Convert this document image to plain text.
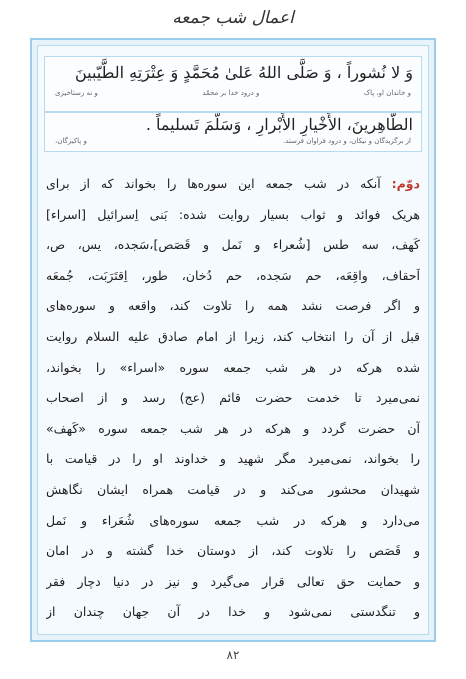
اعمال شب جمعه
وَ لا نُشوراً ، وَ صَلَّى اللهُ عَلىٰ مُحَمَّدٍ وَ عِتْرَتِهِ الطَّيّبينَ
و نه رستاخيزى	و درود خدا بر محمّد	و خاندان او، پاک
الطّاهِرينَ، الأَخْيارِ الأَبْرارِ ، وَسَلَّمَ تَسليماً .
و پاكيزگان،	از برگزيدگان و نيكان، و درود فراوان فرستد.
دوّم: آنكه در شب جمعه اين سوره‌ها را بخواند كه از براى
هريک فوائد و ثواب بسيار روايت شده: بَنى اِسرائيل [اسراء]
كَهف، سه طس [شُعراء و نَمل و قَصَص]،سَجده، يس، ص،
اَحقاف، واقِعَه، حم سَجده، حم دُخان، طور، اِقتَرَبَت، جُمعَه
و اگر فرصت نشد همه را تلاوت كند، واقعه و سوره‌هاى
قبل از آن را انتخاب كند، زيرا از امام صادق عليه السلام روايت
شده هركه در هر شب جمعه سوره «اسراء» را بخواند،
نمى‌ميرد تا خدمت حضرت قائم (عج) رسد و از اصحاب
آن حضرت گردد و هركه در هر شب جمعه سوره «كَهف»
را بخواند، نمى‌ميرد مگر شهيد و خداوند او را در قيامت با
شهيدان محشور مى‌كند و در قيامت همراه ايشان نگاهش
مى‌دارد و هركه در شب جمعه سوره‌هاى شُعَراء و نَمل
و قَصَص را تلاوت كند، از دوستان خدا گشته و در امان
و حمايت حق تعالى قرار مى‌گيرد و نيز در دنيا دچار فقر
و تنگدستى نمى‌شود و خدا در آن جهان چندان از
۸۲
